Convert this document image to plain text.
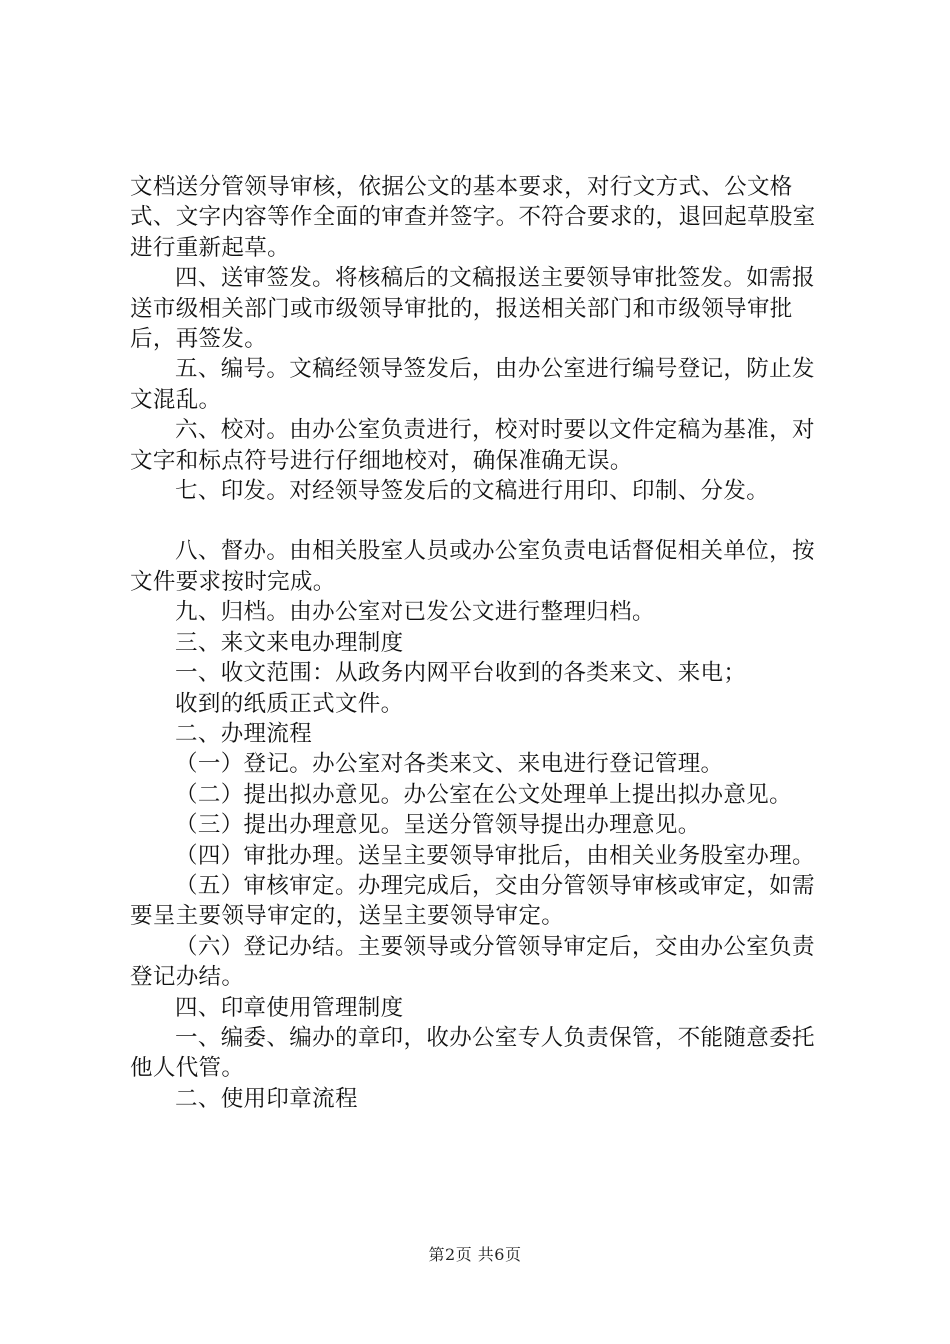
文档送分管领导审核，依据公文的基本要求，对行文方式、公文格式、文字内容等作全面的审查并签字。不符合要求的，退回起草股室进行重新起草。

四、送审签发。将核稿后的文稿报送主要领导审批签发。如需报送市级相关部门或市级领导审批的，报送相关部门和市级领导审批后，再签发。

五、编号。文稿经领导签发后，由办公室进行编号登记，防止发文混乱。

六、校对。由办公室负责进行，校对时要以文件定稿为基准，对文字和标点符号进行仔细地校对，确保准确无误。

七、印发。对经领导签发后的文稿进行用印、印制、分发。

八、督办。由相关股室人员或办公室负责电话督促相关单位，按文件要求按时完成。

九、归档。由办公室对已发公文进行整理归档。

三、来文来电办理制度

一、收文范围：从政务内网平台收到的各类来文、来电；

收到的纸质正式文件。

二、办理流程

（一）登记。办公室对各类来文、来电进行登记管理。

（二）提出拟办意见。办公室在公文处理单上提出拟办意见。

（三）提出办理意见。呈送分管领导提出办理意见。

（四）审批办理。送呈主要领导审批后，由相关业务股室办理。

（五）审核审定。办理完成后，交由分管领导审核或审定，如需要呈主要领导审定的，送呈主要领导审定。

（六）登记办结。主要领导或分管领导审定后，交由办公室负责登记办结。

四、印章使用管理制度

一、编委、编办的章印，收办公室专人负责保管，不能随意委托他人代管。

二、使用印章流程

第2页 共6页
